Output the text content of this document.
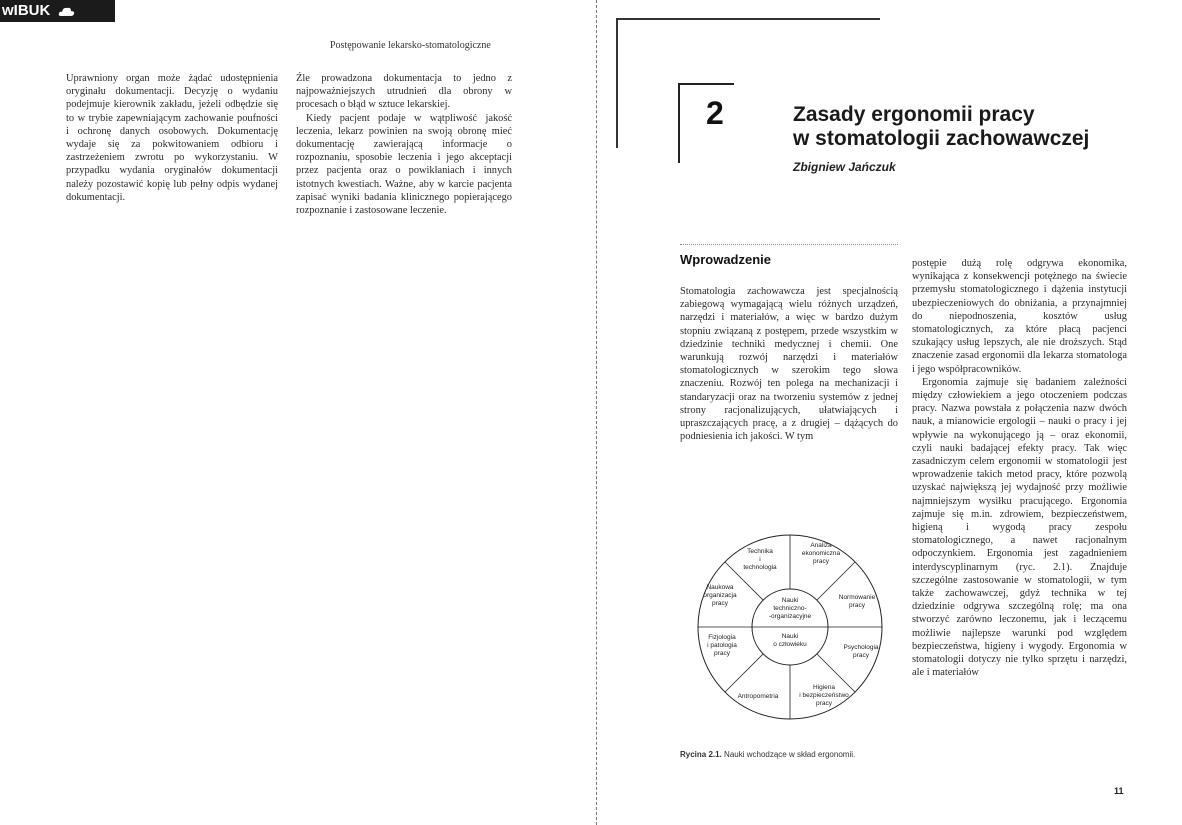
wIBUK
Postępowanie lekarsko-stomatologiczne

Uprawniony organ może żądać udostępnienia oryginału dokumentacji. Decyzję o wydaniu podejmuje kierownik zakładu, jeżeli odbędzie się to w trybie zapewniającym zachowanie poufności i ochronę danych osobowych. Dokumentację wydaje się za pokwitowaniem odbioru i zastrzeżeniem zwrotu po wykorzystaniu. W przypadku wydania oryginałów dokumentacji należy pozostawić kopię lub pełny odpis wydanej dokumentacji.

Źle prowadzona dokumentacja to jedno z najpoważniejszych utrudnień dla obrony w procesach o błąd w sztuce lekarskiej.

Kiedy pacjent podaje w wątpliwość jakość leczenia, lekarz powinien na swoją obronę mieć dokumentację zawierającą informacje o rozpoznaniu, sposobie leczenia i jego akceptacji przez pacjenta oraz o powikłaniach i innych istotnych kwestiach. Ważne, aby w karcie pacjenta zapisać wyniki badania klinicznego popierającego rozpoznanie i zastosowane leczenie.

2	Zasady ergonomii pracy
w stomatologii zachowawczej
Zbigniew Jańczuk
Wprowadzenie

Stomatologia zachowawcza jest specjalnością zabiegową wymagającą wielu różnych urządzeń, narzędzi i materiałów, a więc w bardzo dużym stopniu związaną z postępem, przede wszystkim w dziedzinie techniki medycznej i chemii. One warunkują rozwój narzędzi i materiałów stomatologicznych w szerokim tego słowa znaczeniu. Rozwój ten polega na mechanizacji i standaryzacji oraz na tworzeniu systemów z jednej strony racjonalizujących, ułatwiających i upraszczających pracę, a z drugiej – dążących do podniesienia ich jakości. W tym

postępie dużą rolę odgrywa ekonomika, wynikająca z konsekwencji potężnego na świecie przemysłu stomatologicznego i dążenia instytucji ubezpieczeniowych do obniżania, a przynajmniej do niepodnoszenia, kosztów usług stomatologicznych, za które płacą pacjenci szukający usług lepszych, ale nie droższych. Stąd znaczenie zasad ergonomii dla lekarza stomatologa i jego współpracowników.

Ergonomia zajmuje się badaniem zależności między człowiekiem a jego otoczeniem podczas pracy. Nazwa powstała z połączenia nazw dwóch nauk, a mianowicie ergologii – nauki o pracy i jej wpływie na wykonującego ją – oraz ekonomii, czyli nauki badającej efekty pracy. Tak więc zasadniczym celem ergonomii w stomatologii jest wprowadzenie takich metod pracy, które pozwolą uzyskać największą jej wydajność przy możliwie najmniejszym wysiłku pracującego. Ergonomia zajmuje się m.in. zdrowiem, bezpieczeństwem, higieną i wygodą pracy zespołu stomatologicznego, a nawet racjonalnym odpoczynkiem. Ergonomia jest zagadnieniem interdyscyplinarnym (ryc. 2.1). Znajduje szczególne zastosowanie w stomatologii, w tym także zachowawczej, gdyż technika w tej dziedzinie odgrywa szczególną rolę; ma ona stworzyć zarówno leczonemu, jak i leczącemu możliwie najlepsze warunki pod względem bezpieczeństwa, higieny i wygody. Ergonomia w stomatologii dotyczy nie tylko sprzętu i narzędzi, ale i materiałów

Technika i technologia
Analiza ekonomiczna pracy
Normowanie pracy
Psychologia pracy
Higiena i bezpieczeństwo pracy
Antropometria
Fizjologia i patologia pracy
Naukowa organizacja pracy	Nauki techniczno--organizacyjne
Nauki o człowieku
Rycina 2.1. Nauki wchodzące w skład ergonomii.
11
